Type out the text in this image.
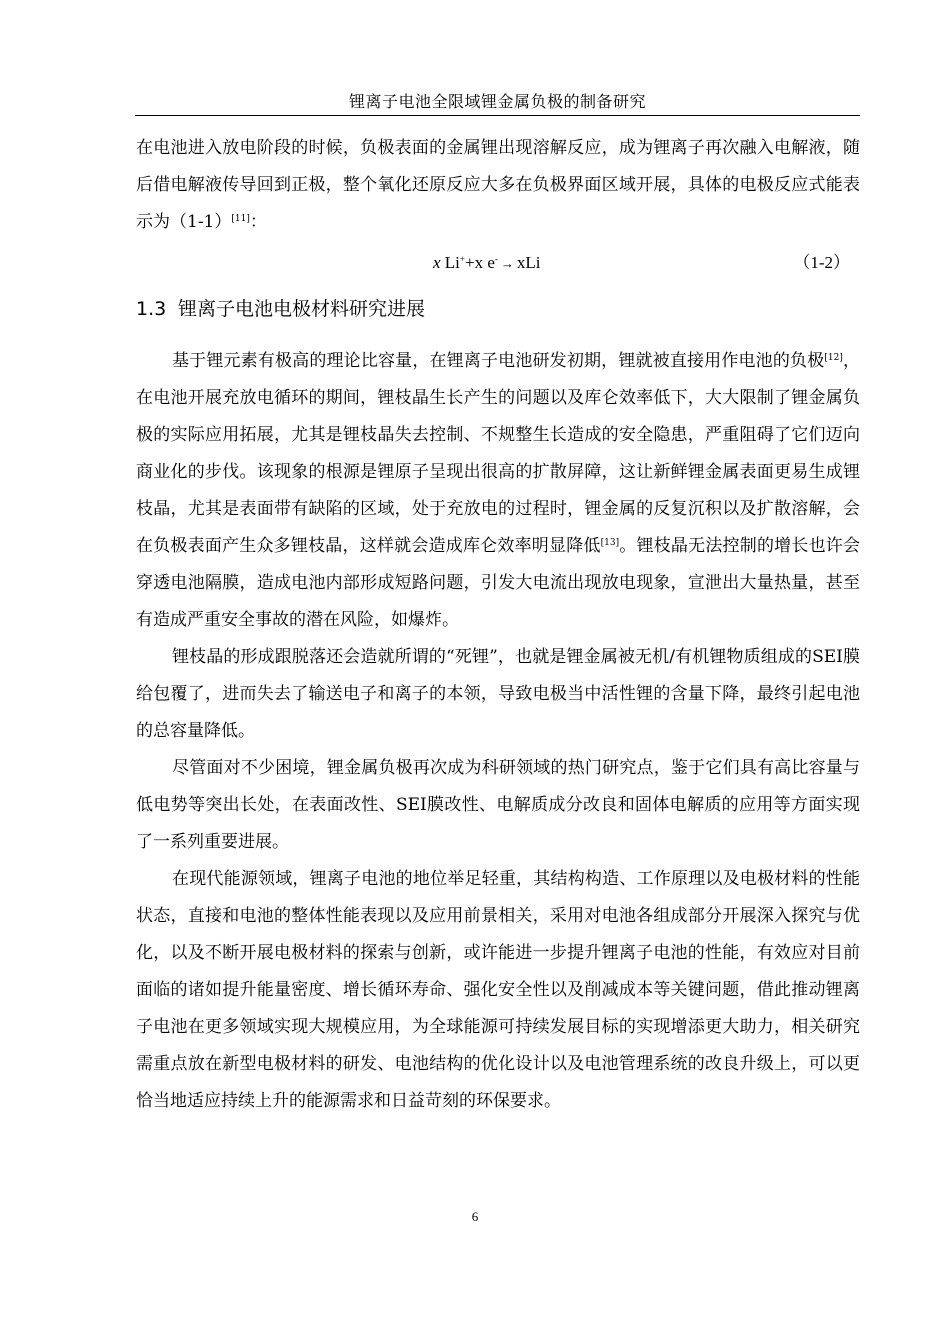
锂离子电池全限域锂金属负极的制备研究

在电池进入放电阶段的时候，负极表面的金属锂出现溶解反应，成为锂离子再次融入电解液，随后借电解液传导回到正极，整个氧化还原反应大多在负极界面区域开展，具体的电极反应式能表示为（1-1）[11]：

x Li++x e- → xLi	（1-2）
1.3 锂离子电池电极材料研究进展

基于锂元素有极高的理论比容量，在锂离子电池研发初期，锂就被直接用作电池的负极[12]，在电池开展充放电循环的期间，锂枝晶生长产生的问题以及库仑效率低下，大大限制了锂金属负极的实际应用拓展，尤其是锂枝晶失去控制、不规整生长造成的安全隐患，严重阻碍了它们迈向商业化的步伐。该现象的根源是锂原子呈现出很高的扩散屏障，这让新鲜锂金属表面更易生成锂枝晶，尤其是表面带有缺陷的区域，处于充放电的过程时，锂金属的反复沉积以及扩散溶解，会在负极表面产生众多锂枝晶，这样就会造成库仑效率明显降低[13]。锂枝晶无法控制的增长也许会穿透电池隔膜，造成电池内部形成短路问题，引发大电流出现放电现象，宣泄出大量热量，甚至有造成严重安全事故的潜在风险，如爆炸。

锂枝晶的形成跟脱落还会造就所谓的“死锂”，也就是锂金属被无机/有机锂物质组成的SEI膜给包覆了，进而失去了输送电子和离子的本领，导致电极当中活性锂的含量下降，最终引起电池的总容量降低。

尽管面对不少困境，锂金属负极再次成为科研领域的热门研究点，鉴于它们具有高比容量与低电势等突出长处，在表面改性、SEI膜改性、电解质成分改良和固体电解质的应用等方面实现了一系列重要进展。

在现代能源领域，锂离子电池的地位举足轻重，其结构构造、工作原理以及电极材料的性能状态，直接和电池的整体性能表现以及应用前景相关，采用对电池各组成部分开展深入探究与优化，以及不断开展电极材料的探索与创新，或许能进一步提升锂离子电池的性能，有效应对目前面临的诸如提升能量密度、增长循环寿命、强化安全性以及削减成本等关键问题，借此推动锂离子电池在更多领域实现大规模应用，为全球能源可持续发展目标的实现增添更大助力，相关研究需重点放在新型电极材料的研发、电池结构的优化设计以及电池管理系统的改良升级上，可以更恰当地适应持续上升的能源需求和日益苛刻的环保要求。

6
